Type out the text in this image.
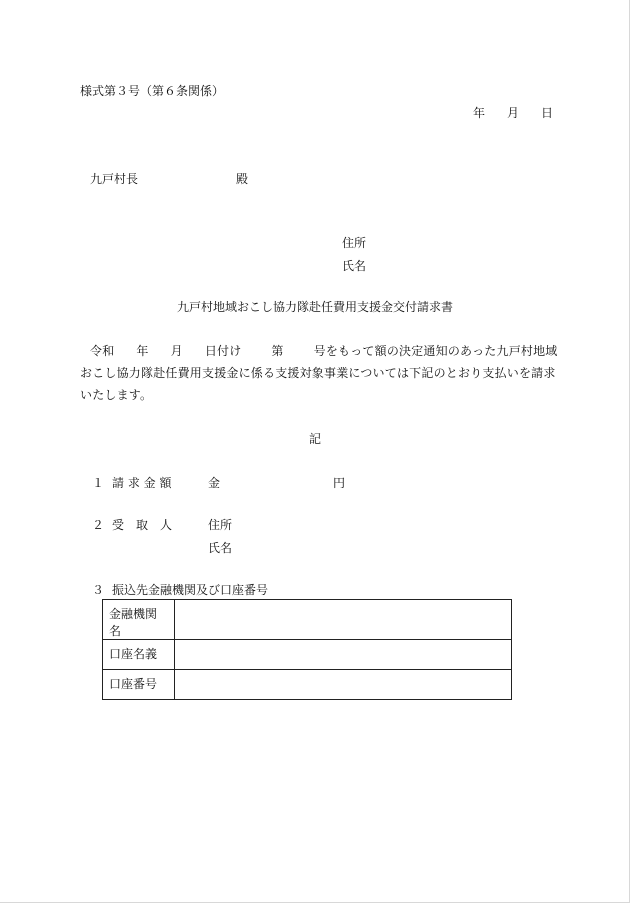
様式第３号（第６条関係）
年 月 日
九戸村長	殿
住所
氏名
九戸村地域おこし協力隊赴任費用支援金交付請求書
令和 年 月 日付け	第	号をもって額の決定通知のあった九戸村地域おこし協力隊赴任費用支援金に係る支援対象事業については下記のとおり支払いを請求いたします。
記
１ 請 求 金 額	金	円
２ 受　取　人	住所
氏名
３ 振込先金融機関及び口座番号
金融機関名	
口座名義	
口座番号	
